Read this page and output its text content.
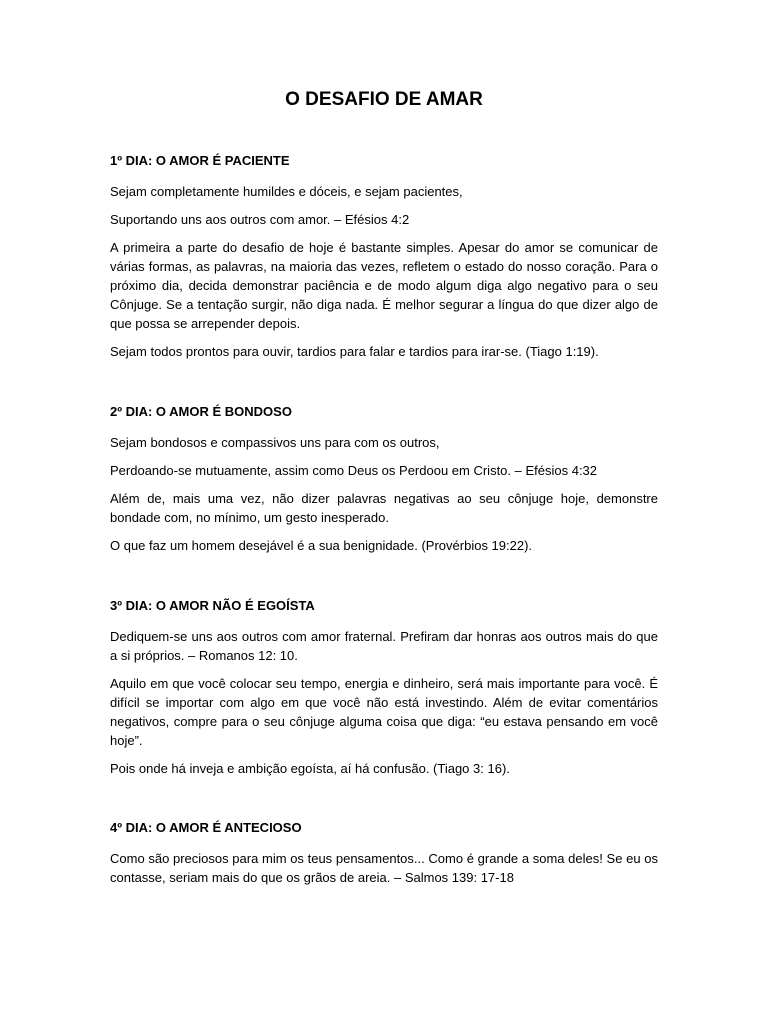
O DESAFIO DE AMAR
1º DIA: O AMOR É PACIENTE

Sejam completamente humildes e dóceis, e sejam pacientes,

Suportando uns aos outros com amor. – Efésios 4:2

A primeira a parte do desafio de hoje é bastante simples. Apesar do amor se comunicar de várias formas, as palavras, na maioria das vezes, refletem o estado do nosso coração. Para o próximo dia, decida demonstrar paciência e de modo algum diga algo negativo para o seu Cônjuge. Se a tentação surgir, não diga nada. É melhor segurar a língua do que dizer algo de que possa se arrepender depois.

Sejam todos prontos para ouvir, tardios para falar e tardios para irar-se. (Tiago 1:19).

2º DIA: O AMOR É BONDOSO

Sejam bondosos e compassivos uns para com os outros,

Perdoando-se mutuamente, assim como Deus os Perdoou em Cristo. – Efésios 4:32

Além de, mais uma vez, não dizer palavras negativas ao seu cônjuge hoje, demonstre bondade com, no mínimo, um gesto inesperado.

O que faz um homem desejável é a sua benignidade. (Provérbios 19:22).

3º DIA: O AMOR NÃO É EGOÍSTA

Dediquem-se uns aos outros com amor fraternal. Prefiram dar honras aos outros mais do que a si próprios. – Romanos 12: 10.

Aquilo em que você colocar seu tempo, energia e dinheiro, será mais importante para você. É difícil se importar com algo em que você não está investindo. Além de evitar comentários negativos, compre para o seu cônjuge alguma coisa que diga: “eu estava pensando em você hoje”.

Pois onde há inveja e ambição egoísta, aí há confusão. (Tiago 3: 16).

4º DIA: O AMOR É ANTECIOSO

Como são preciosos para mim os teus pensamentos... Como é grande a soma deles! Se eu os contasse, seriam mais do que os grãos de areia. – Salmos 139: 17-18
